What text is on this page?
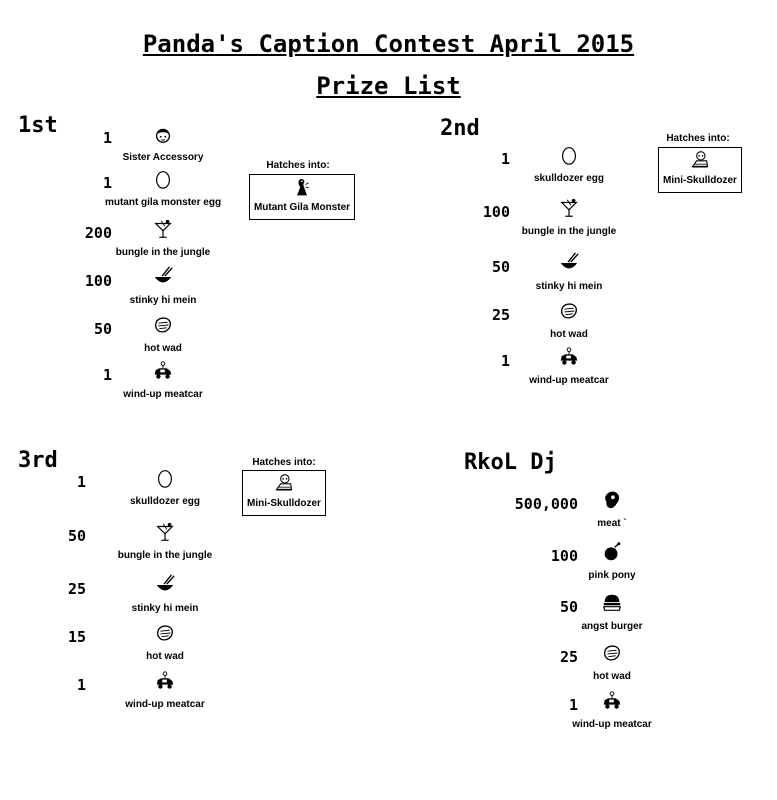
Panda's Caption Contest April 2015
Prize List
1st	1
Sister Accessory
1
mutant gila monster egg
200
bungle in the jungle
100
stinky hi mein
50
hot wad
1
wind-up meatcar
Hatches into:
Mutant Gila Monster
2nd
1
skulldozer egg
100
bungle in the jungle
50
stinky hi mein
25
hot wad
1
wind-up meatcar
Hatches into:
Mini-Skulldozer
3rd
1
skulldozer egg
50
bungle in the jungle
25
stinky hi mein
15
hot wad
1
wind-up meatcar
Hatches into:
Mini-Skulldozer
RkoL Dj
500,000
meat `
100
pink pony
50
angst burger
25
hot wad
1
wind-up meatcar
